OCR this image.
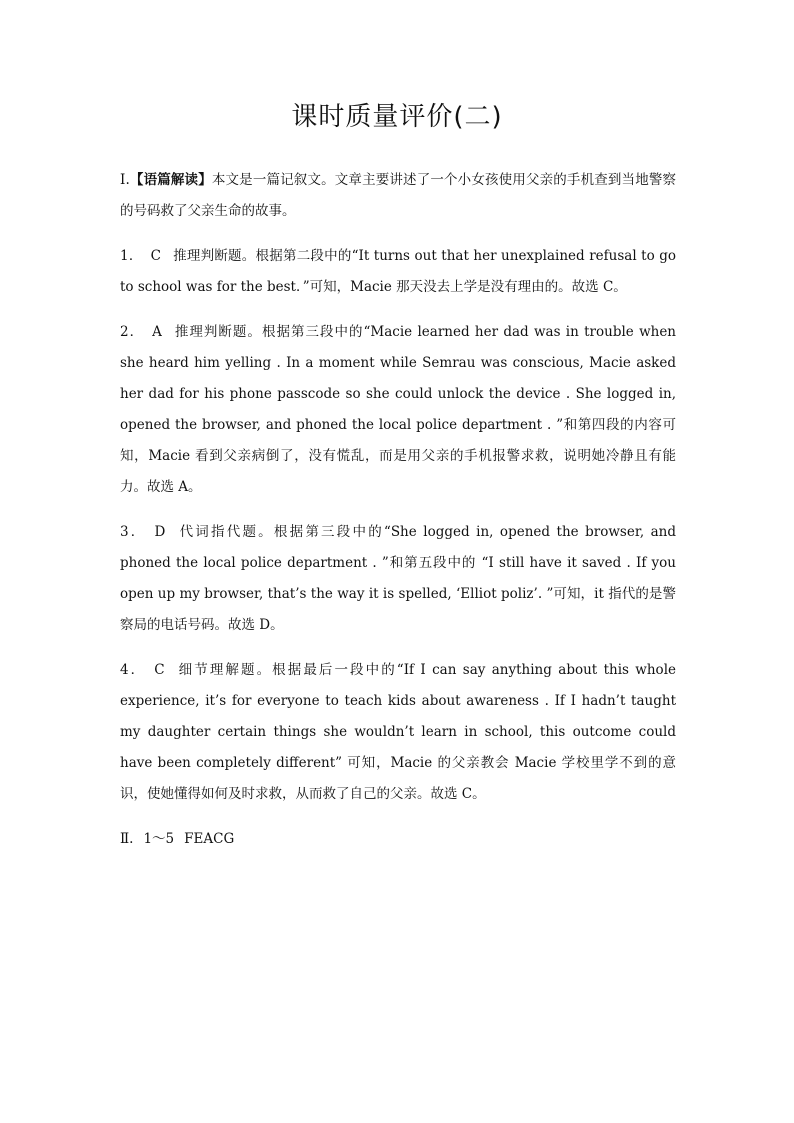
课时质量评价(二)

Ⅰ.【语篇解读】本文是一篇记叙文。文章主要讲述了一个小女孩使用父亲的手机查到当地警察的号码救了父亲生命的故事。

1． C 推理判断题。根据第二段中的“It turns out that her unexplained refusal to go to school was for the best．”可知，Macie 那天没去上学是没有理由的。故选 C。

2． A 推理判断题。根据第三段中的“Macie learned her dad was in trouble when she heard him yelling . In a moment while Semrau was conscious, Macie asked her dad for his phone passcode so she could unlock the device . She logged in, opened the browser, and phoned the local police department . ”和第四段的内容可知，Macie 看到父亲病倒了，没有慌乱，而是用父亲的手机报警求救，说明她冷静且有能力。故选 A。

3． D 代词指代题。根据第三段中的“She logged in, opened the browser, and phoned the local police department . ”和第五段中的 “I still have it saved . If you open up my browser, that’s the way it is spelled, ‘Elliot poliz’. ”可知，it 指代的是警察局的电话号码。故选 D。

4． C 细节理解题。根据最后一段中的“If I can say anything about this whole experience, it’s for everyone to teach kids about awareness . If I hadn’t taught my daughter certain things she wouldn’t learn in school, this outcome could have been completely different” 可知，Macie 的父亲教会 Macie 学校里学不到的意识，使她懂得如何及时求救，从而救了自己的父亲。故选 C。

Ⅱ. 1～5 FEACG
